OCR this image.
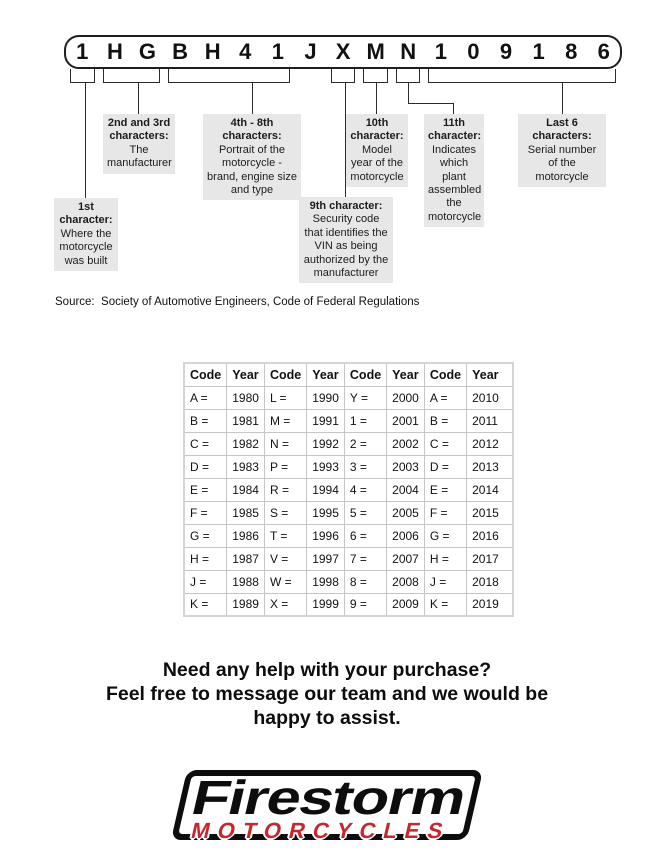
1 H G B H 4 1 J X M N 1 0 9 1 8 6
1st character:
Where the motorcycle was built
2nd and 3rd characters:
The manufacturer
4th - 8th characters:
Portrait of the motorcycle - brand, engine size and type
9th character:
Security code that identifies the VIN as being authorized by the manufacturer
10th character:
Model year of the motorcycle
11th character:
Indicates which plant assembled the motorcycle
Last 6 characters:
Serial number of the motorcycle
Source:  Society of Automotive Engineers, Code of Federal Regulations
Code	Year	Code	Year	Code	Year	Code	Year
A =	1980	L =	1990	Y =	2000	A =	2010
B =	1981	M =	1991	1 =	2001	B =	2011
C =	1982	N =	1992	2 =	2002	C =	2012
D =	1983	P =	1993	3 =	2003	D =	2013
E =	1984	R =	1994	4 =	2004	E =	2014
F =	1985	S =	1995	5 =	2005	F =	2015
G =	1986	T =	1996	6 =	2006	G =	2016
H =	1987	V =	1997	7 =	2007	H =	2017
J =	1988	W =	1998	8 =	2008	J =	2018
K =	1989	X =	1999	9 =	2009	K =	2019
Need any help with your purchase?
Feel free to message our team and we would be happy to assist.
Firestorm
MOTORCYCLES
